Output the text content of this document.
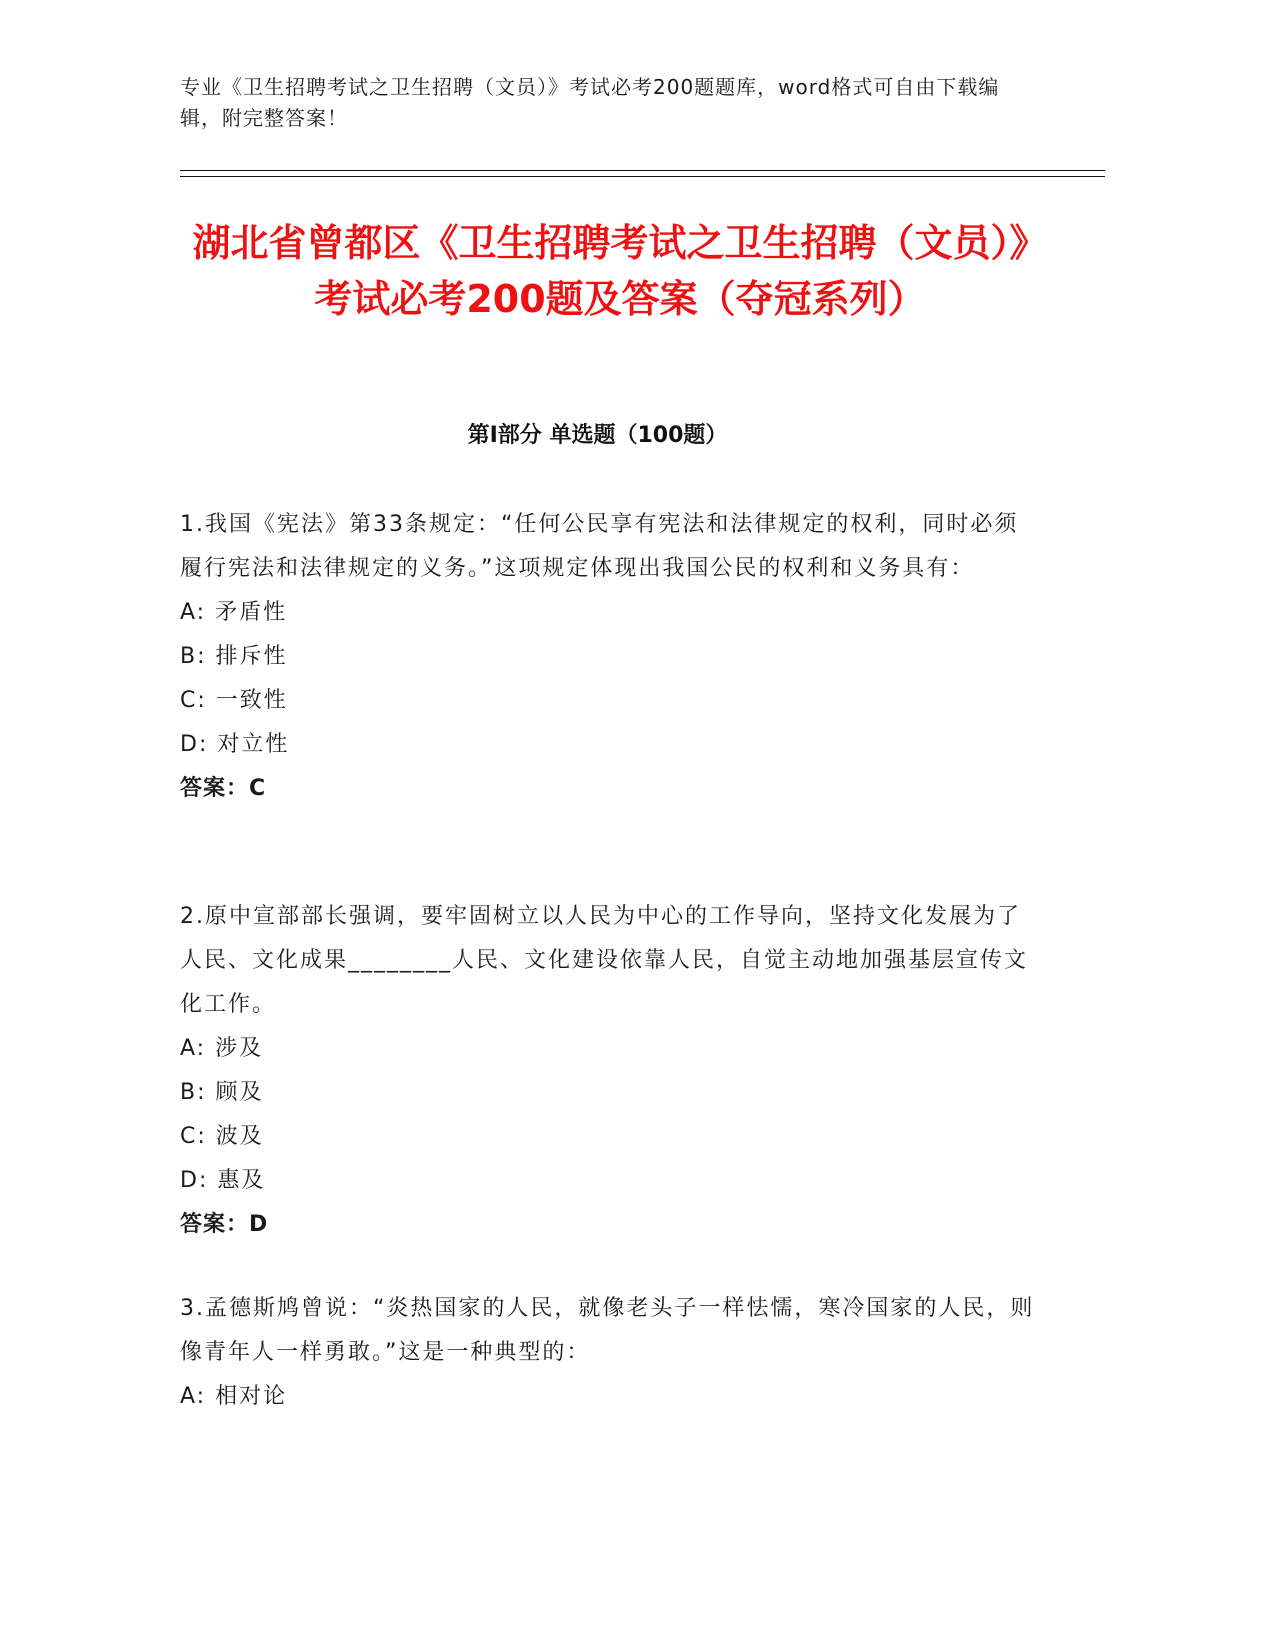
专业《卫生招聘考试之卫生招聘（文员）》考试必考200题题库，word格式可自由下载编辑，附完整答案！
湖北省曾都区《卫生招聘考试之卫生招聘（文员）》考试必考200题及答案（夺冠系列）
第Ⅰ部分 单选题（100题）
1.我国《宪法》第33条规定：“任何公民享有宪法和法律规定的权利，同时必须履行宪法和法律规定的义务。”这项规定体现出我国公民的权利和义务具有：
A: 矛盾性
B: 排斥性
C: 一致性
D: 对立性
答案：C
2.原中宣部部长强调，要牢固树立以人民为中心的工作导向，坚持文化发展为了人民、文化成果________人民、文化建设依靠人民，自觉主动地加强基层宣传文化工作。
A: 涉及
B: 顾及
C: 波及
D: 惠及
答案：D
3.孟德斯鸠曾说：“炎热国家的人民，就像老头子一样怯懦，寒冷国家的人民，则像青年人一样勇敢。”这是一种典型的：
A: 相对论
